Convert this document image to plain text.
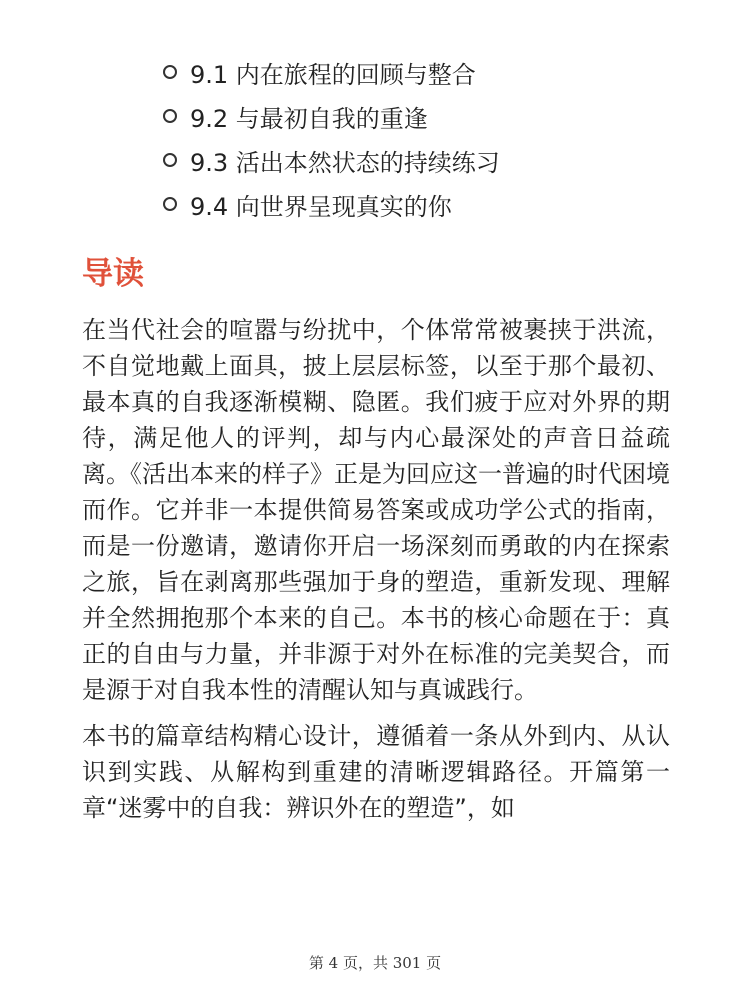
9.1 内在旅程的回顾与整合
9.2 与最初自我的重逢
9.3 活出本然状态的持续练习
9.4 向世界呈现真实的你
导读

在当代社会的喧嚣与纷扰中，个体常常被裹挟于洪流，不自觉地戴上面具，披上层层标签，以至于那个最初、最本真的自我逐渐模糊、隐匿。我们疲于应对外界的期待，满足他人的评判，却与内心最深处的声音日益疏离。《活出本来的样子》正是为回应这一普遍的时代困境而作。它并非一本提供简易答案或成功学公式的指南，而是一份邀请，邀请你开启一场深刻而勇敢的内在探索之旅，旨在剥离那些强加于身的塑造，重新发现、理解并全然拥抱那个本来的自己。本书的核心命题在于：真正的自由与力量，并非源于对外在标准的完美契合，而是源于对自我本性的清醒认知与真诚践行。

本书的篇章结构精心设计，遵循着一条从外到内、从认识到实践、从解构到重建的清晰逻辑路径。开篇第一章“迷雾中的自我：辨识外在的塑造”，如

第 4 页，共 301 页
